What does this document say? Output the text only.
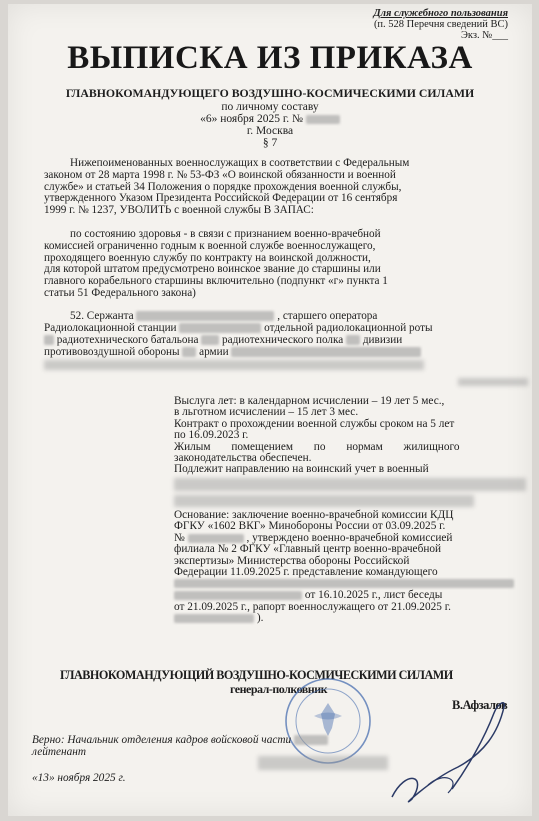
Для служебного пользования
(п. 528 Перечня сведений ВС)
Экз. №___
ВЫПИСКА ИЗ ПРИКАЗА
ГЛАВНОКОМАНДУЮЩЕГО ВОЗДУШНО-КОСМИЧЕСКИМИ СИЛАМИ
по личному составу
«6» ноября 2025 г. №
г. Москва
§ 7
Нижепоименованных военнослужащих в соответствии с Федеральным
законом от 28 марта 1998 г. № 53-ФЗ «О воинской обязанности и военной
службе» и статьей 34 Положения о порядке прохождения военной службы,
утвержденного Указом Президента Российской Федерации от 16 сентября
1999 г. № 1237, УВОЛИТЬ с военной службы В ЗАПАС:
по состоянию здоровья - в связи с признанием военно-врачебной
комиссией ограниченно годным к военной службе военнослужащего,
проходящего военную службу по контракту на воинской должности,
для которой штатом предусмотрено воинское звание до старшины или
главного корабельного старшины включительно (подпункт «г» пункта 1
статьи 51 Федерального закона)
52. Сержанта	, старшего оператора
Радиолокационной станции	отдельной радиолокационной роты
радиотехнического батальона радиотехнического полка дивизии
противовоздушной обороны армии
Выслуга лет: в календарном исчислении – 19 лет 5 мес.,
в льготном исчислении – 15 лет 3 мес.
Контракт о прохождении военной службы сроком на 5 лет
по 16.09.2023 г.
Жилым помещением по нормам жилищного
законодательства обеспечен.
Подлежит направлению на воинский учет в военный
Основание: заключение военно-врачебной комиссии КДЦ
ФГКУ «1602 ВКГ» Минобороны России от 03.09.2025 г.
№	, утверждено военно-врачебной комиссией
филиала № 2 ФГКУ «Главный центр военно-врачебной
экспертизы» Министерства обороны Российской
Федерации 11.09.2025 г. представление командующего
от 16.10.2025 г., лист беседы
от 21.09.2025 г., рапорт военнослужащего от 21.09.2025 г.
).
ГЛАВНОКОМАНДУЮЩИЙ ВОЗДУШНО-КОСМИЧЕСКИМИ СИЛАМИ
генерал-полковник
В.Афзалов
Верно: Начальник отделения кадров войсковой части
лейтенант
«13» ноября 2025 г.
